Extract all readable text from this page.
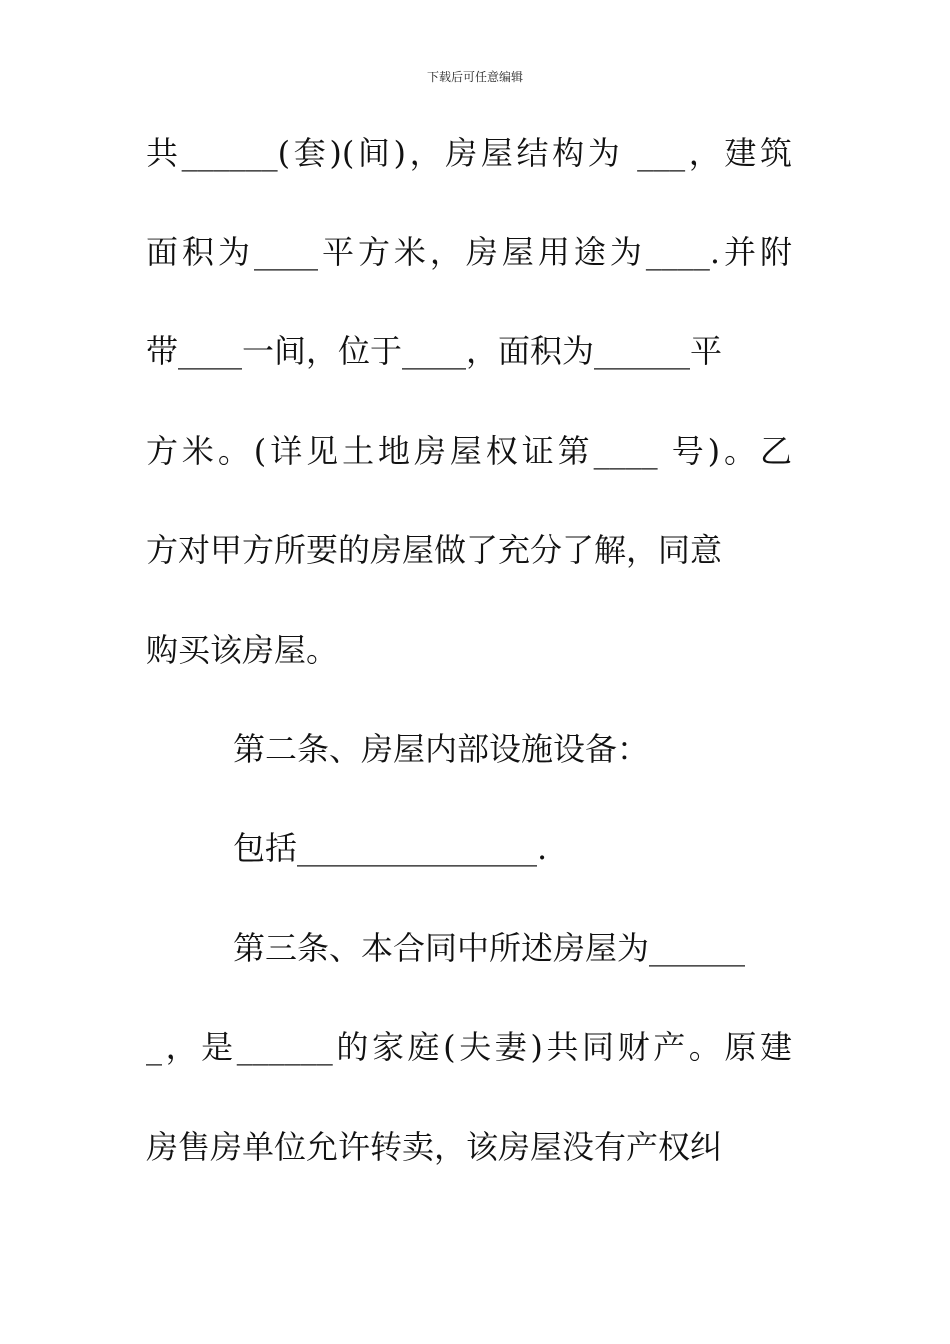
下载后可任意编辑
共______(套)(间)，房屋结构为 ___，建筑
面积为____平方米，房屋用途为____.并附
带____一间，位于____，面积为______平
方米。(详见土地房屋权证第____ 号)。乙
方对甲方所要的房屋做了充分了解，同意
购买该房屋。
第二条、房屋内部设施设备：
包括_______________.
第三条、本合同中所述房屋为______
_，是______的家庭(夫妻)共同财产。原建
房售房单位允许转卖，该房屋没有产权纠
